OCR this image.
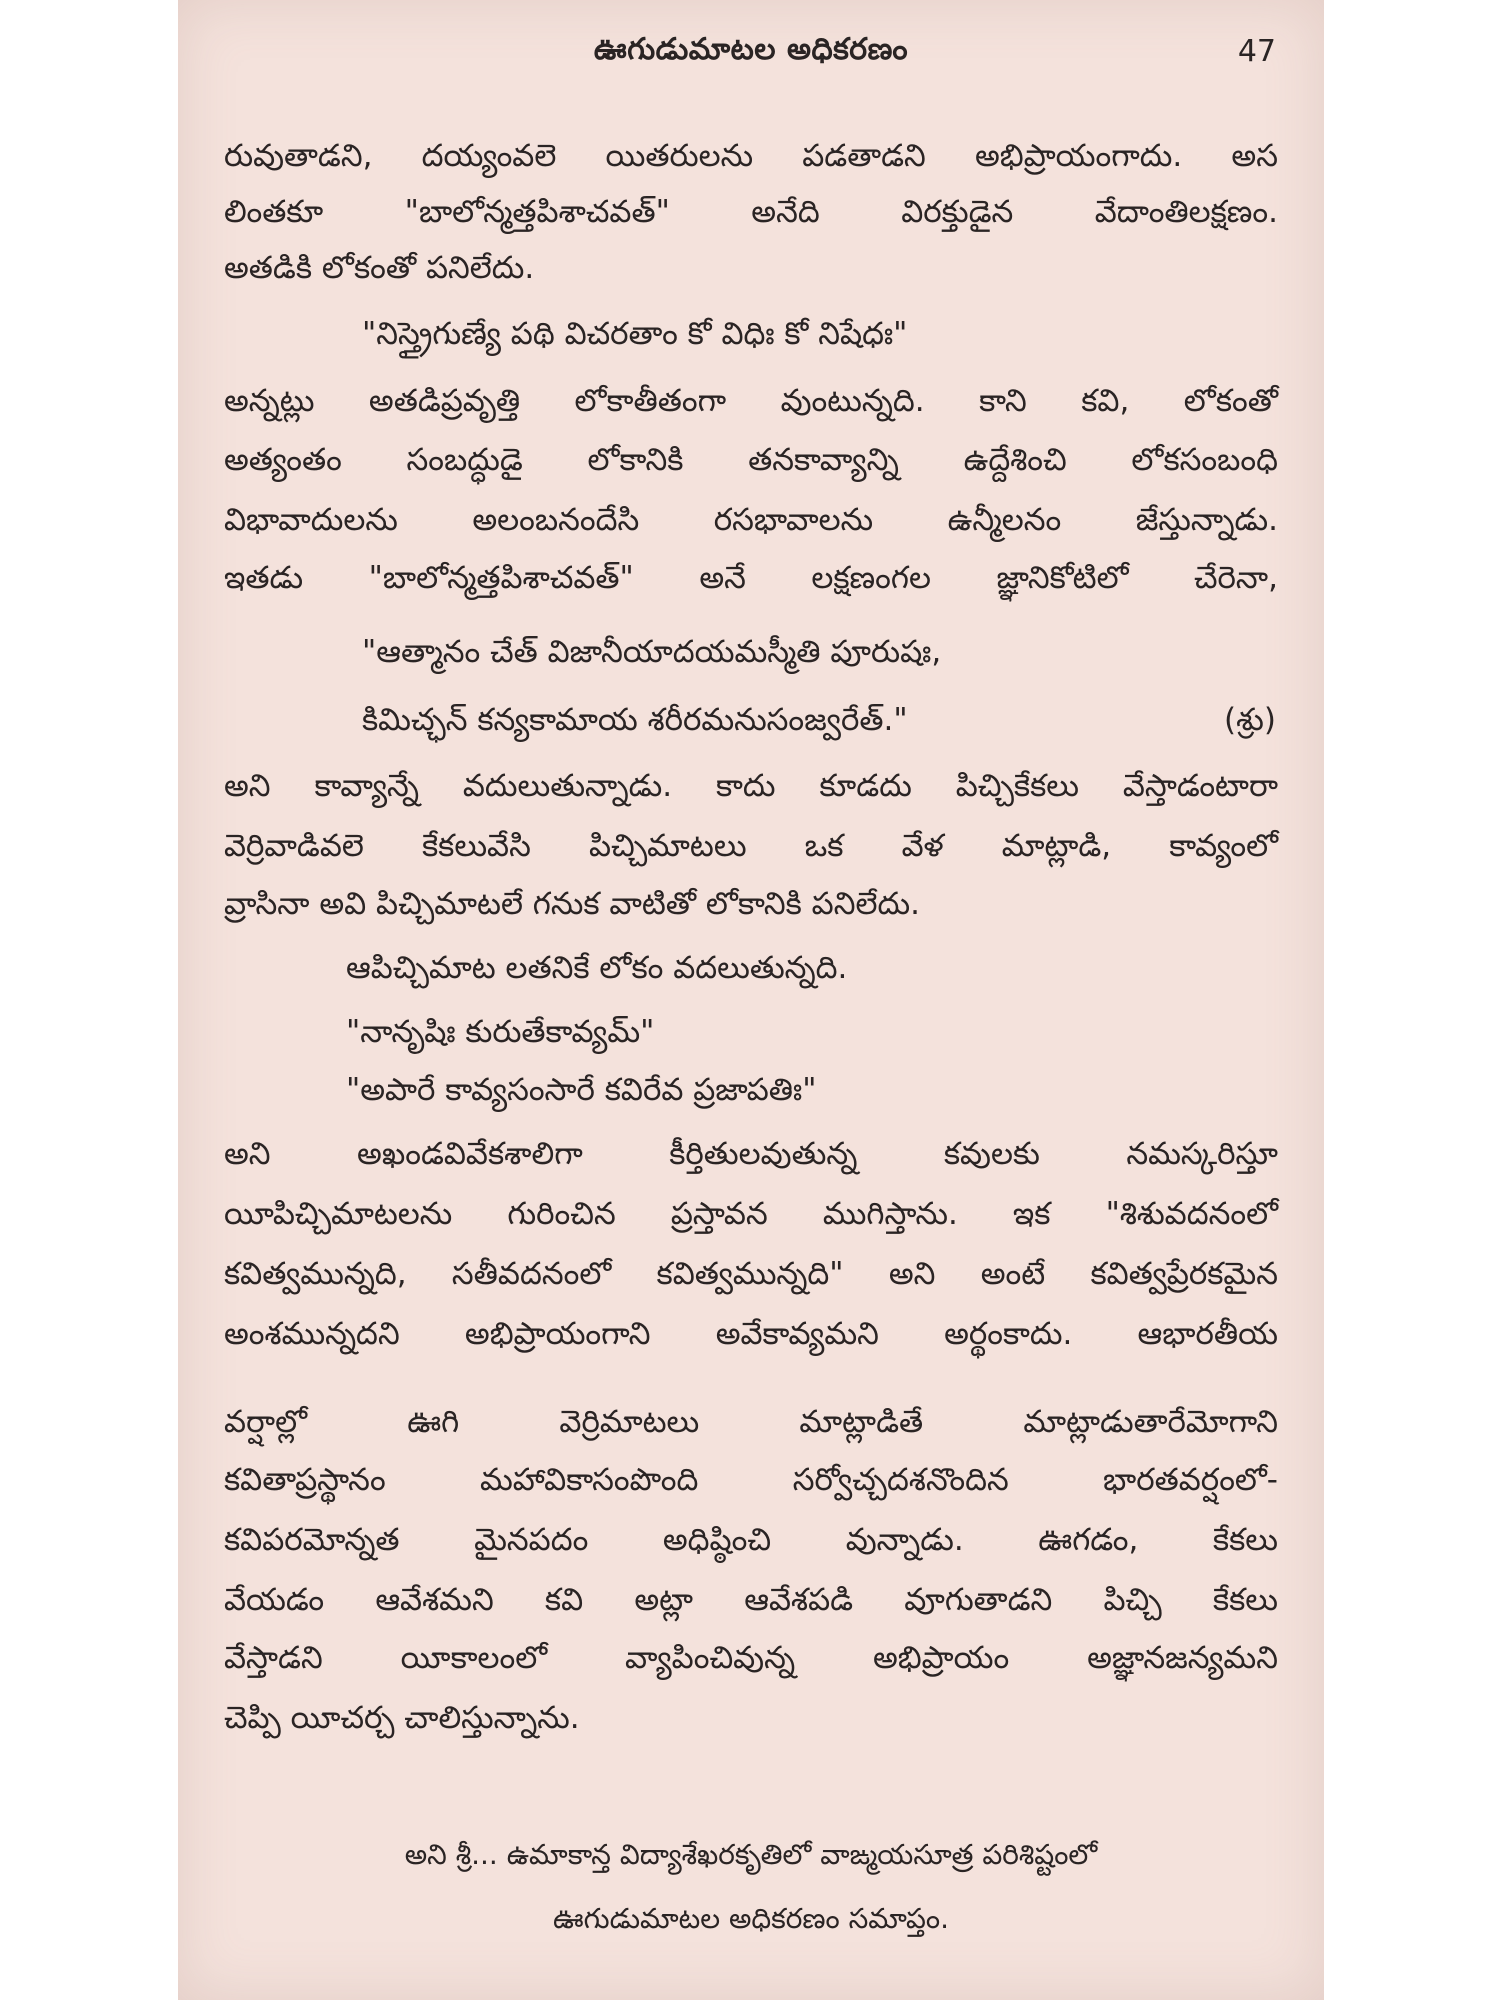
ఊగుడుమాటల అధికరణం	47
రువుతాడని, దయ్యంవలె యితరులను పడతాడని అభిప్రాయంగాదు. అస
లింతకూ "బాలోన్మత్తపిశాచవత్" అనేది విరక్తుడైన వేదాంతిలక్షణం.
అతడికి లోకంతో పనిలేదు.
"నిస్త్రైగుణ్యే పథి విచరతాం కో విధిః కో నిషేధః"
అన్నట్లు అతడిప్రవృత్తి లోకాతీతంగా వుంటున్నది. కాని కవి, లోకంతో
అత్యంతం సంబద్ధుడై లోకానికి తనకావ్యాన్ని ఉద్దేశించి లోకసంబంధి
విభావాదులను అలంబనందేసి రసభావాలను ఉన్మీలనం జేస్తున్నాడు.
ఇతడు "బాలోన్మత్తపిశాచవత్" అనే లక్షణంగల జ్ఞానికోటిలో చేరెనా,
"ఆత్మానం చేత్ విజానీయాదయమస్మీతి పూరుషః,
కిమిచ్ఛన్ కన్యకామాయ శరీరమనుసంజ్వరేత్."	(శ్రు)
అని కావ్యాన్నే వదులుతున్నాడు. కాదు కూడదు పిచ్చికేకలు వేస్తాడంటారా
వెర్రివాడివలె కేకలువేసి పిచ్చిమాటలు ఒక వేళ మాట్లాడి, కావ్యంలో
వ్రాసినా అవి పిచ్చిమాటలే గనుక వాటితో లోకానికి పనిలేదు.
ఆపిచ్చిమాట లతనికే లోకం వదలుతున్నది.
"నానృషిః కురుతేకావ్యమ్"
"అపారే కావ్యసంసారే కవిరేవ ప్రజాపతిః"
అని అఖండవివేకశాలిగా కీర్తితులవుతున్న కవులకు నమస్కరిస్తూ
యీపిచ్చిమాటలను గురించిన ప్రస్తావన ముగిస్తాను. ఇక "శిశువదనంలో
కవిత్వమున్నది, సతీవదనంలో కవిత్వమున్నది" అని అంటే కవిత్వప్రేరకమైన
అంశమున్నదని అభిప్రాయంగాని అవేకావ్యమని అర్థంకాదు. ఆభారతీయ
వర్షాల్లో ఊగి వెర్రిమాటలు మాట్లాడితే మాట్లాడుతారేమోగాని
కవితాప్రస్థానం మహావికాసంపొంది సర్వోచ్చదశనొందిన భారతవర్షంలో-
కవిపరమోన్నత మైనపదం అధిష్ఠించి వున్నాడు. ఊగడం, కేకలు
వేయడం ఆవేశమని కవి అట్లా ఆవేశపడి వూగుతాడని పిచ్చి కేకలు
వేస్తాడని యీకాలంలో వ్యాపించివున్న అభిప్రాయం అజ్ఞానజన్యమని
చెప్పి యీచర్చ చాలిస్తున్నాను.
అని శ్రీ... ఉమాకాన్త విద్యాశేఖరకృతిలో వాఙ్మయసూత్ర పరిశిష్టంలో
ఊగుడుమాటల అధికరణం సమాప్తం.
